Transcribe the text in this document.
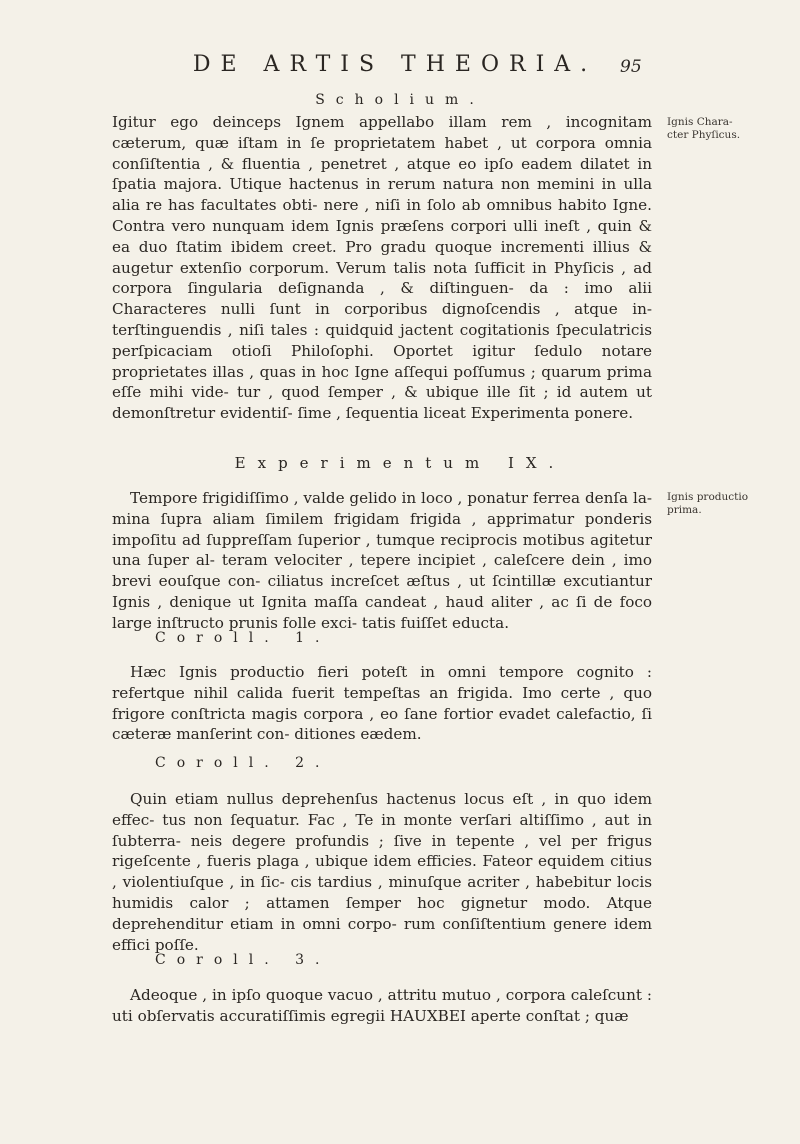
DE ARTIS THEORIA.	95
Scholium.

Igitur ego deinceps Ignem appellabo illam rem , incognitam cæterum, quæ iſtam in ſe proprietatem habet , ut corpora omnia conſiſtentia , & fluentia , penetret , atque eo ipſo eadem dilatet in ſpatia majora. Utique hactenus in rerum natura non memini in ulla alia re has facultates obti- nere , niſi in ſolo ab omnibus habito Igne. Contra vero nunquam idem Ignis præſens corpori ulli ineſt , quin & ea duo ſtatim ibidem creet. Pro gradu quoque incrementi illius & augetur extenſio corporum. Verum talis nota ſufficit in Phyſicis , ad corpora ſingularia deſignanda , & diſtinguen- da : imo alii Characteres nulli ſunt in corporibus dignoſcendis , atque in- terſtinguendis , niſi tales : quidquid jactent cogitationis ſpeculatricis perſpicaciam otioſi Philoſophi. Oportet igitur ſedulo notare proprietates illas , quas in hoc Igne aſſequi poſſumus ; quarum prima eſſe mihi vide- tur , quod ſemper , & ubique ille ſit ; id autem ut demonſtretur evidentiſ- ſime , ſequentia liceat Experimenta ponere.

Ignis Chara- cter Phyſicus.
Experimentum IX.

Tempore frigidiſſimo , valde gelido in loco , ponatur ferrea denſa la- mina ſupra aliam ſimilem frigidam frigida , apprimatur ponderis impoſitu ad ſuppreſſam ſuperior , tumque reciprocis motibus agitetur una ſuper al- teram velociter , tepere incipiet , caleſcere dein , imo brevi eouſque con- ciliatus increſcet æſtus , ut ſcintillæ excutiantur Ignis , denique ut Ignita maſſa candeat , haud aliter , ac ſi de foco large inſtructo prunis folle exci- tatis fuiſſet educta.

Ignis productio prima.
Coroll. 1.

Hæc Ignis productio fieri poteſt in omni tempore cognito : refertque nihil calida fuerit tempeſtas an frigida. Imo certe , quo frigore conſtricta magis corpora , eo ſane fortior evadet calefactio, ſi cæteræ manſerint con- ditiones eædem.

Coroll. 2.

Quin etiam nullus deprehenſus hactenus locus eſt , in quo idem effec- tus non ſequatur. Fac , Te in monte verſari altiſſimo , aut in ſubterra- neis degere profundis ; ſive in tepente , vel per frigus rigeſcente , fueris plaga , ubique idem efficies. Fateor equidem citius , violentiuſque , in ſic- cis tardius , minuſque acriter , habebitur locis humidis calor ; attamen ſemper hoc gignetur modo. Atque deprehenditur etiam in omni corpo- rum conſiſtentium genere idem effici poſſe.

Coroll. 3.

Adeoque , in ipſo quoque vacuo , attritu mutuo , corpora caleſcunt : uti obſervatis accuratiſſimis egregii HAUXBEI aperte conſtat ; quæ
